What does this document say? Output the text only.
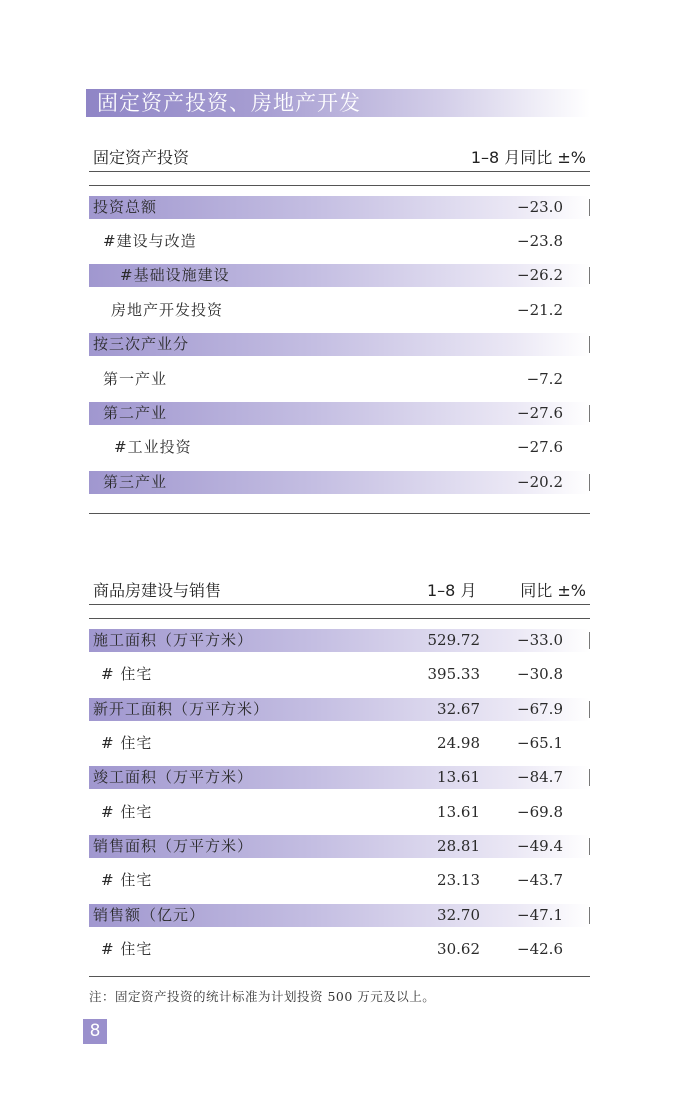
固定资产投资、房地产开发
固定资产投资	1–8 月同比 ±%
投资总额	−23.0
#建设与改造	−23.8
#基础设施建设	−26.2
房地产开发投资	−21.2
按三次产业分
第一产业	−7.2
第二产业	−27.6
#工业投资	−27.6
第三产业	−20.2
商品房建设与销售	1–8 月	同比 ±%
施工面积（万平方米）	529.72 −33.0
# 住宅	395.33 −30.8
新开工面积（万平方米）	32.67 −67.9
# 住宅	24.98 −65.1
竣工面积（万平方米）	13.61 −84.7
# 住宅	13.61 −69.8
销售面积（万平方米）	28.81 −49.4
# 住宅	23.13 −43.7
销售额（亿元）	32.70 −47.1
# 住宅	30.62 −42.6
注：固定资产投资的统计标准为计划投资 500 万元及以上。
8
